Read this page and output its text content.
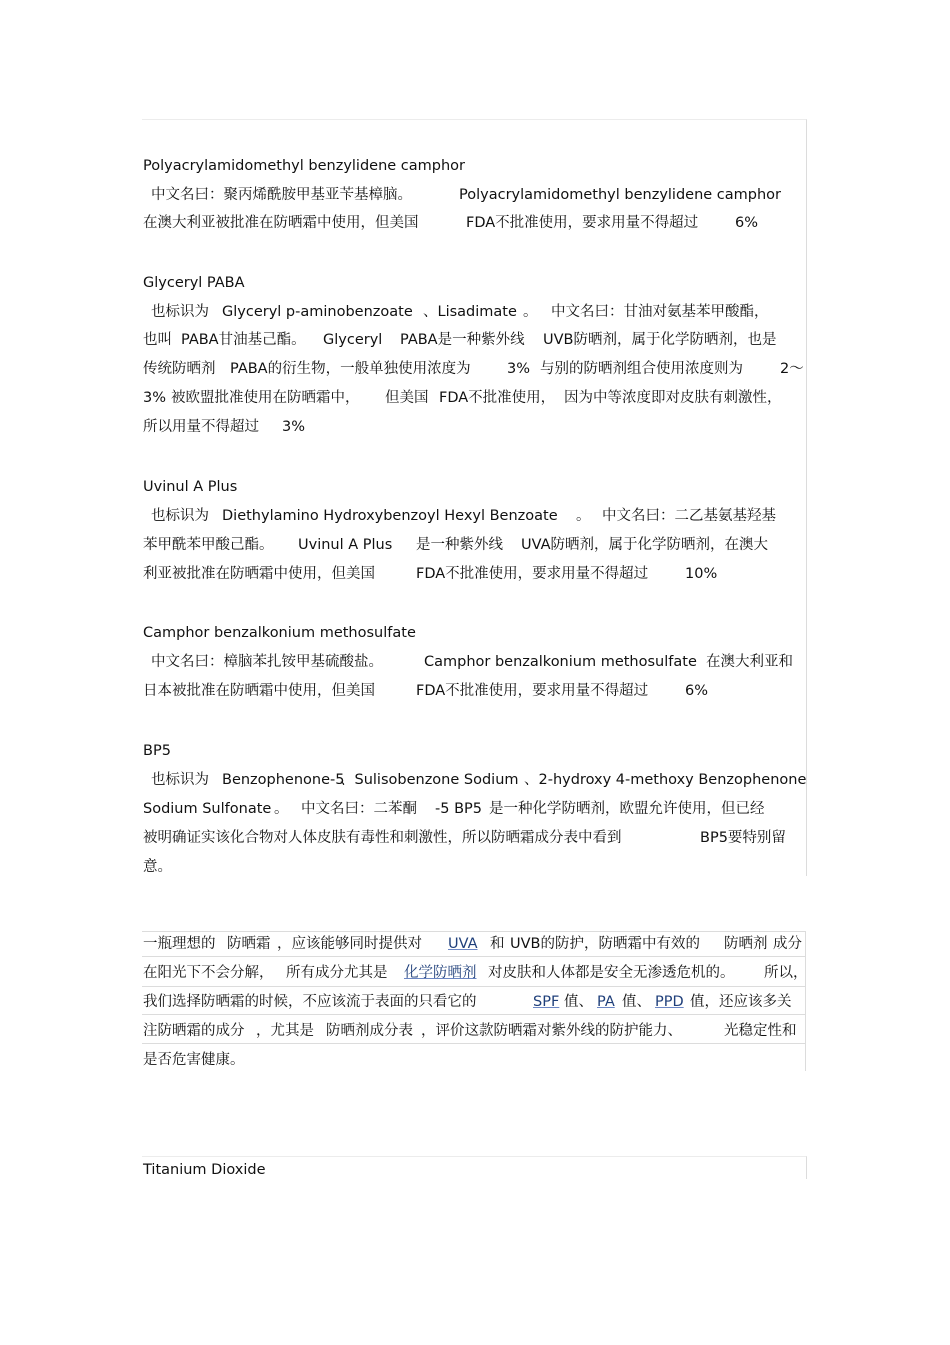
Polyacrylamidomethyl benzylidene camphor
中文名曰：聚丙烯酰胺甲基亚苄基樟脑。	Polyacrylamidomethyl benzylidene camphor
在澳大利亚被批准在防晒霜中使用，但美国	FDA不批准使用，要求用量不得超过	6%
Glyceryl PABA
也标识为 Glyceryl p-aminobenzoate 、Lisadimate 。 中文名曰：甘油对氨基苯甲酸酯，
也叫 PABA甘油基己酯。 Glyceryl PABA是一种紫外线 UVB防晒剂，属于化学防晒剂，也是
传统防晒剂 PABA的衍生物，一般单独使用浓度为	3% 与别的防晒剂组合使用浓度则为	2～
3% 被欧盟批准使用在防晒霜中， 但美国 FDA不批准使用， 因为中等浓度即对皮肤有刺激性，
所以用量不得超过 3%
Uvinul A Plus
也标识为 Diethylamino Hydroxybenzoyl Hexyl Benzoate 。 中文名曰：二乙基氨基羟基
苯甲酰苯甲酸己酯。 Uvinul A Plus 是一种紫外线 UVA防晒剂，属于化学防晒剂，在澳大
利亚被批准在防晒霜中使用，但美国	FDA不批准使用，要求用量不得超过	10%
Camphor benzalkonium methosulfate
中文名曰：樟脑苯扎铵甲基硫酸盐。	Camphor benzalkonium methosulfate 在澳大利亚和
日本被批准在防晒霜中使用，但美国	FDA不批准使用，要求用量不得超过	6%
BP5
也标识为 Benzophenone-5
、Sulisobenzone Sodium 、2-hydroxy 4-methoxy Benzophenone
Sodium Sulfonate 。 中文名曰：二苯酮 -5 BP5 是一种化学防晒剂，欧盟允许使用，但已经
被明确证实该化合物对人体皮肤有毒性和刺激性，所以防晒霜成分表中看到	BP5要特别留
意。
一瓶理想的 防晒霜 ，应该能够同时提供对 UVA 和 UVB的防护，防晒霜中有效的 防晒剂 成分
在阳光下不会分解， 所有成分尤其是 化学防晒剂 对皮肤和人体都是安全无渗透危机的。 所以，
我们选择防晒霜的时候，不应该流于表面的只看它的	SPF 值、 PA 值、 PPD 值，还应该多关
注防晒霜的成分 ，尤其是 防晒剂成分表 ，评价这款防晒霜对紫外线的防护能力、	光稳定性和
是否危害健康。
Titanium Dioxide
